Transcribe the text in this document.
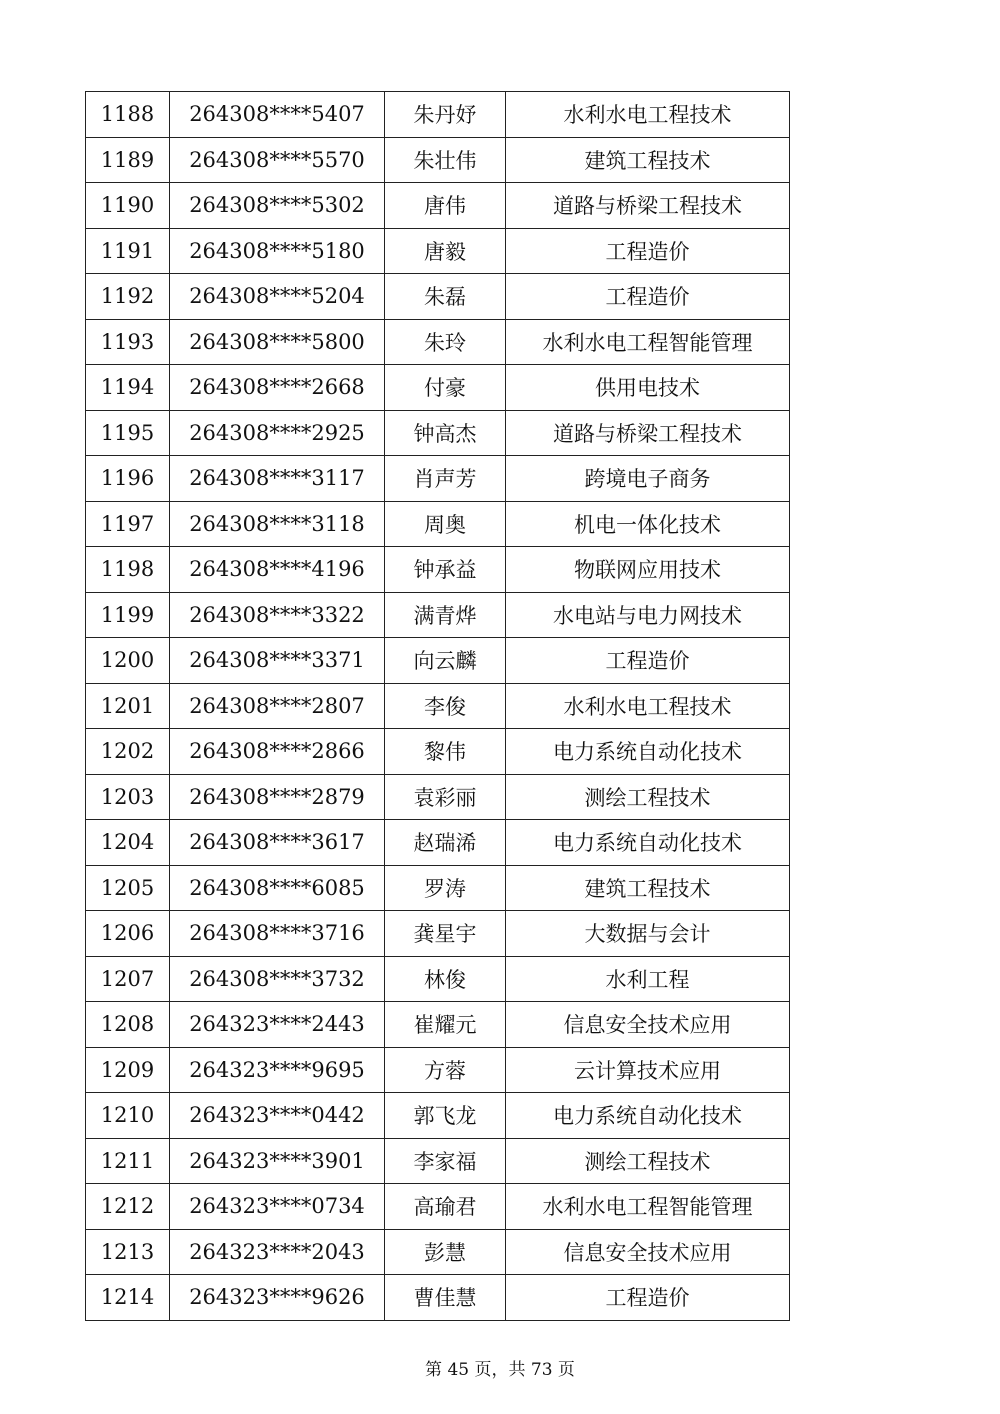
1188	264308****5407	朱丹妤	水利水电工程技术
1189	264308****5570	朱壮伟	建筑工程技术
1190	264308****5302	唐伟	道路与桥梁工程技术
1191	264308****5180	唐毅	工程造价
1192	264308****5204	朱磊	工程造价
1193	264308****5800	朱玲	水利水电工程智能管理
1194	264308****2668	付豪	供用电技术
1195	264308****2925	钟高杰	道路与桥梁工程技术
1196	264308****3117	肖声芳	跨境电子商务
1197	264308****3118	周奥	机电一体化技术
1198	264308****4196	钟承益	物联网应用技术
1199	264308****3322	满青烨	水电站与电力网技术
1200	264308****3371	向云麟	工程造价
1201	264308****2807	李俊	水利水电工程技术
1202	264308****2866	黎伟	电力系统自动化技术
1203	264308****2879	袁彩丽	测绘工程技术
1204	264308****3617	赵瑞浠	电力系统自动化技术
1205	264308****6085	罗涛	建筑工程技术
1206	264308****3716	龚星宇	大数据与会计
1207	264308****3732	林俊	水利工程
1208	264323****2443	崔耀元	信息安全技术应用
1209	264323****9695	方蓉	云计算技术应用
1210	264323****0442	郭飞龙	电力系统自动化技术
1211	264323****3901	李家福	测绘工程技术
1212	264323****0734	高瑜君	水利水电工程智能管理
1213	264323****2043	彭慧	信息安全技术应用
1214	264323****9626	曹佳慧	工程造价
第 45 页，共 73 页
